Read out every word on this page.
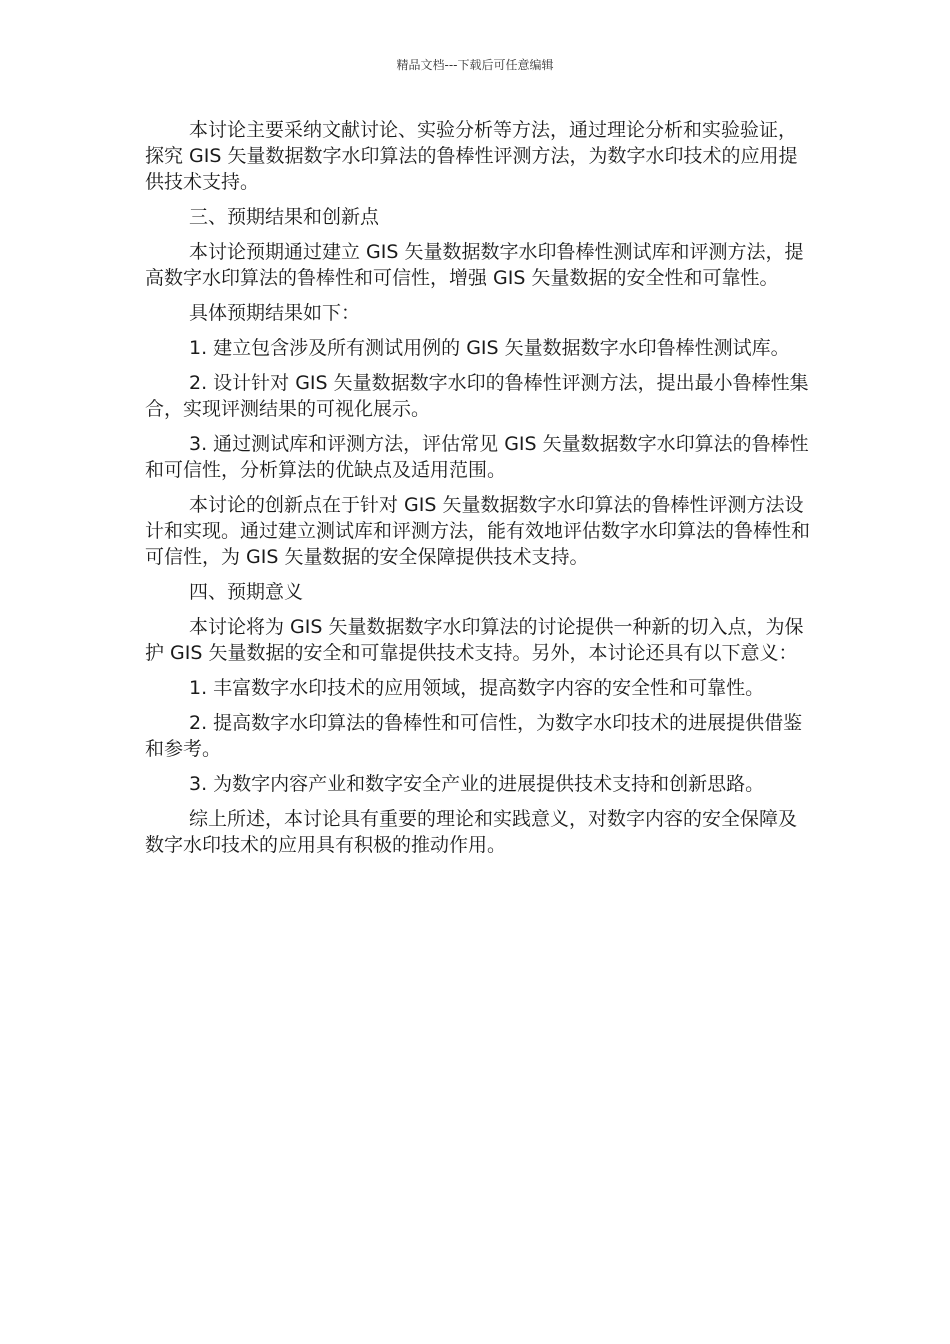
精品文档---下载后可任意编辑

本讨论主要采纳文献讨论、实验分析等方法，通过理论分析和实验验证，探究 GIS 矢量数据数字水印算法的鲁棒性评测方法，为数字水印技术的应用提供技术支持。

三、预期结果和创新点

本讨论预期通过建立 GIS 矢量数据数字水印鲁棒性测试库和评测方法，提高数字水印算法的鲁棒性和可信性，增强 GIS 矢量数据的安全性和可靠性。

具体预期结果如下：

1. 建立包含涉及所有测试用例的 GIS 矢量数据数字水印鲁棒性测试库。

2. 设计针对 GIS 矢量数据数字水印的鲁棒性评测方法，提出最小鲁棒性集合，实现评测结果的可视化展示。

3. 通过测试库和评测方法，评估常见 GIS 矢量数据数字水印算法的鲁棒性和可信性，分析算法的优缺点及适用范围。

本讨论的创新点在于针对 GIS 矢量数据数字水印算法的鲁棒性评测方法设计和实现。通过建立测试库和评测方法，能有效地评估数字水印算法的鲁棒性和可信性，为 GIS 矢量数据的安全保障提供技术支持。

四、预期意义

本讨论将为 GIS 矢量数据数字水印算法的讨论提供一种新的切入点，为保护 GIS 矢量数据的安全和可靠提供技术支持。另外，本讨论还具有以下意义：

1. 丰富数字水印技术的应用领域，提高数字内容的安全性和可靠性。

2. 提高数字水印算法的鲁棒性和可信性，为数字水印技术的进展提供借鉴和参考。

3. 为数字内容产业和数字安全产业的进展提供技术支持和创新思路。

综上所述，本讨论具有重要的理论和实践意义，对数字内容的安全保障及数字水印技术的应用具有积极的推动作用。
